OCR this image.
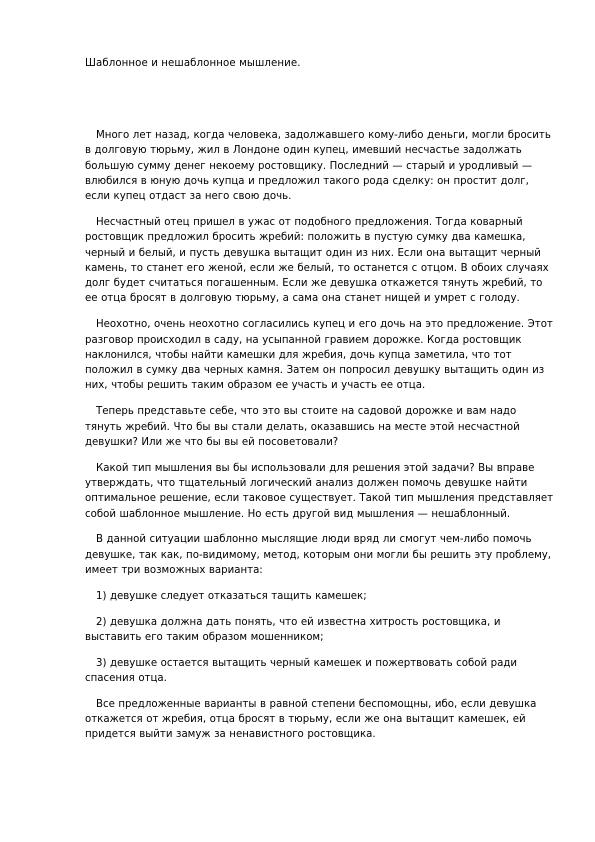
Шаблонное и нешаблонное мышление.

Много лет назад, когда человека, задолжавшего кому-либо деньги, могли бросить в долговую тюрьму, жил в Лондоне один купец, имевший несчастье задолжать большую сумму денег некоему ростовщику. Последний — старый и уродливый — влюбился в юную дочь купца и предложил такого рода сделку: он простит долг, если купец отдаст за него свою дочь.

Несчастный отец пришел в ужас от подобного предложения. Тогда коварный ростовщик предложил бросить жребий: положить в пустую сумку два камешка, черный и белый, и пусть девушка вытащит один из них. Если она вытащит черный камень, то станет его женой, если же белый, то останется с отцом. В обоих случаях долг будет считаться погашенным. Если же девушка откажется тянуть жребий, то ее отца бросят в долговую тюрьму, а сама она станет нищей и умрет с голоду.

Неохотно, очень неохотно согласились купец и его дочь на это предложение. Этот разговор происходил в саду, на усыпанной гравием дорожке. Когда ростовщик наклонился, чтобы найти камешки для жребия, дочь купца заметила, что тот положил в сумку два черных камня. Затем он попросил девушку вытащить один из них, чтобы решить таким образом ее участь и участь ее отца.

Теперь представьте себе, что это вы стоите на садовой дорожке и вам надо тянуть жребий. Что бы вы стали делать, оказавшись на месте этой несчастной девушки? Или же что бы вы ей посоветовали?

Какой тип мышления вы бы использовали для решения этой задачи? Вы вправе утверждать, что тщательный логический анализ должен помочь девушке найти оптимальное решение, если таковое существует. Такой тип мышления представляет собой шаблонное мышление. Но есть другой вид мышления — нешаблонный.

В данной ситуации шаблонно мыслящие люди вряд ли смогут чем-либо помочь девушке, так как, по-видимому, метод, которым они могли бы решить эту проблему, имеет три возможных варианта:

1) девушке следует отказаться тащить камешек;

2) девушка должна дать понять, что ей известна хитрость ростовщика, и выставить его таким образом мошенником;

3) девушке остается вытащить черный камешек и пожертвовать собой ради спасения отца.

Все предложенные варианты в равной степени беспомощны, ибо, если девушка откажется от жребия, отца бросят в тюрьму, если же она вытащит камешек, ей придется выйти замуж за ненавистного ростовщика.
